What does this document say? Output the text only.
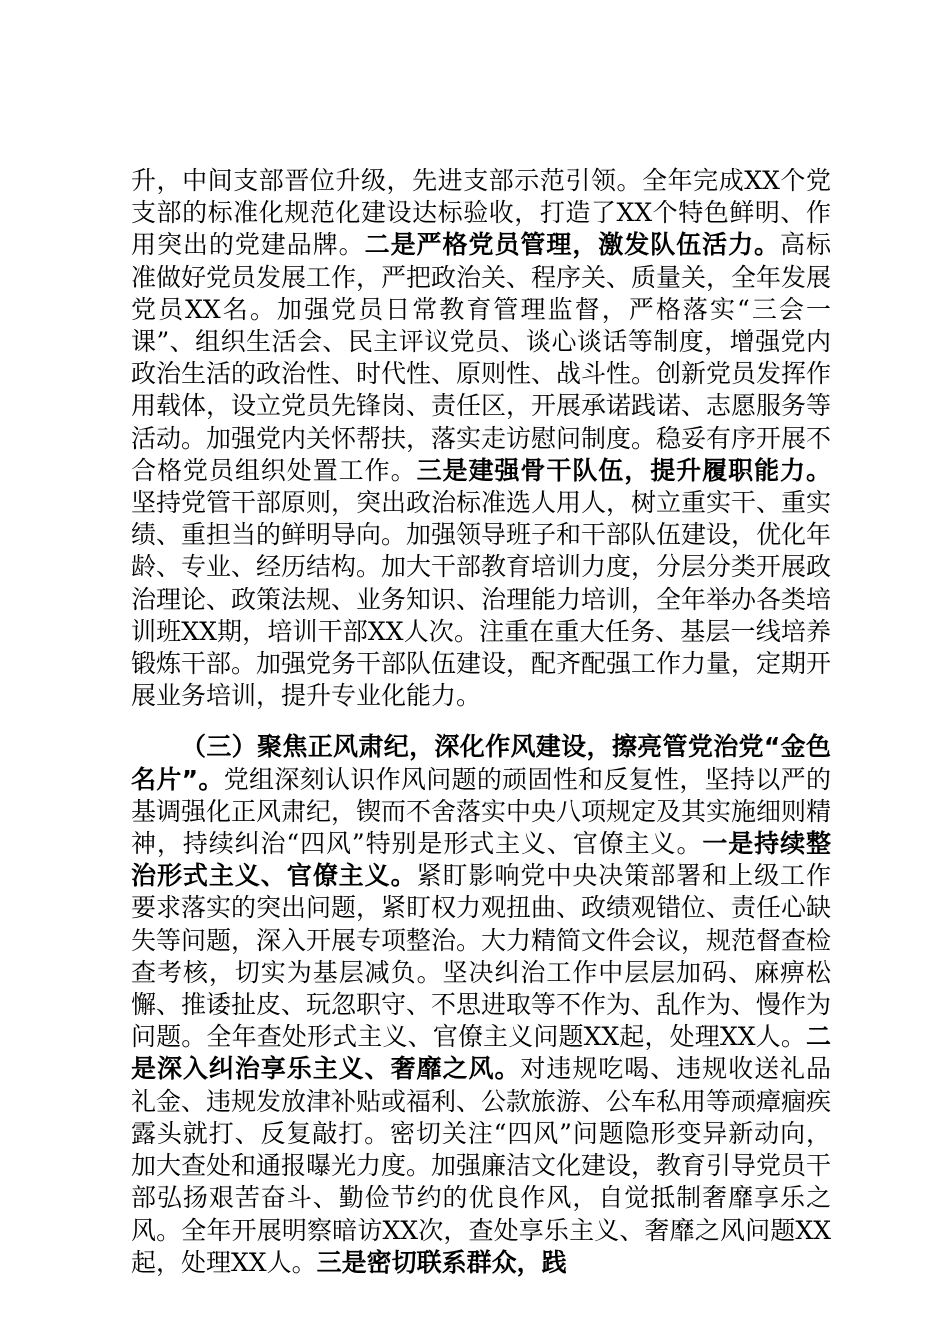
升，中间支部晋位升级，先进支部示范引领。全年完成XX个党支部的标准化规范化建设达标验收，打造了XX个特色鲜明、作用突出的党建品牌。二是严格党员管理，激发队伍活力。高标准做好党员发展工作，严把政治关、程序关、质量关，全年发展党员XX名。加强党员日常教育管理监督，严格落实“三会一课”、组织生活会、民主评议党员、谈心谈话等制度，增强党内政治生活的政治性、时代性、原则性、战斗性。创新党员发挥作用载体，设立党员先锋岗、责任区，开展承诺践诺、志愿服务等活动。加强党内关怀帮扶，落实走访慰问制度。稳妥有序开展不合格党员组织处置工作。三是建强骨干队伍，提升履职能力。坚持党管干部原则，突出政治标准选人用人，树立重实干、重实绩、重担当的鲜明导向。加强领导班子和干部队伍建设，优化年龄、专业、经历结构。加大干部教育培训力度，分层分类开展政治理论、政策法规、业务知识、治理能力培训，全年举办各类培训班XX期，培训干部XX人次。注重在重大任务、基层一线培养锻炼干部。加强党务干部队伍建设，配齐配强工作力量，定期开展业务培训，提升专业化能力。

（三）聚焦正风肃纪，深化作风建设，擦亮管党治党“金色名片”。党组深刻认识作风问题的顽固性和反复性，坚持以严的基调强化正风肃纪，锲而不舍落实中央八项规定及其实施细则精神，持续纠治“四风”特别是形式主义、官僚主义。一是持续整治形式主义、官僚主义。紧盯影响党中央决策部署和上级工作要求落实的突出问题，紧盯权力观扭曲、政绩观错位、责任心缺失等问题，深入开展专项整治。大力精简文件会议，规范督查检查考核，切实为基层减负。坚决纠治工作中层层加码、麻痹松懈、推诿扯皮、玩忽职守、不思进取等不作为、乱作为、慢作为问题。全年查处形式主义、官僚主义问题XX起，处理XX人。二是深入纠治享乐主义、奢靡之风。对违规吃喝、违规收送礼品礼金、违规发放津补贴或福利、公款旅游、公车私用等顽瘴痼疾露头就打、反复敲打。密切关注“四风”问题隐形变异新动向，加大查处和通报曝光力度。加强廉洁文化建设，教育引导党员干部弘扬艰苦奋斗、勤俭节约的优良作风，自觉抵制奢靡享乐之风。全年开展明察暗访XX次，查处享乐主义、奢靡之风问题XX起，处理XX人。三是密切联系群众，践
